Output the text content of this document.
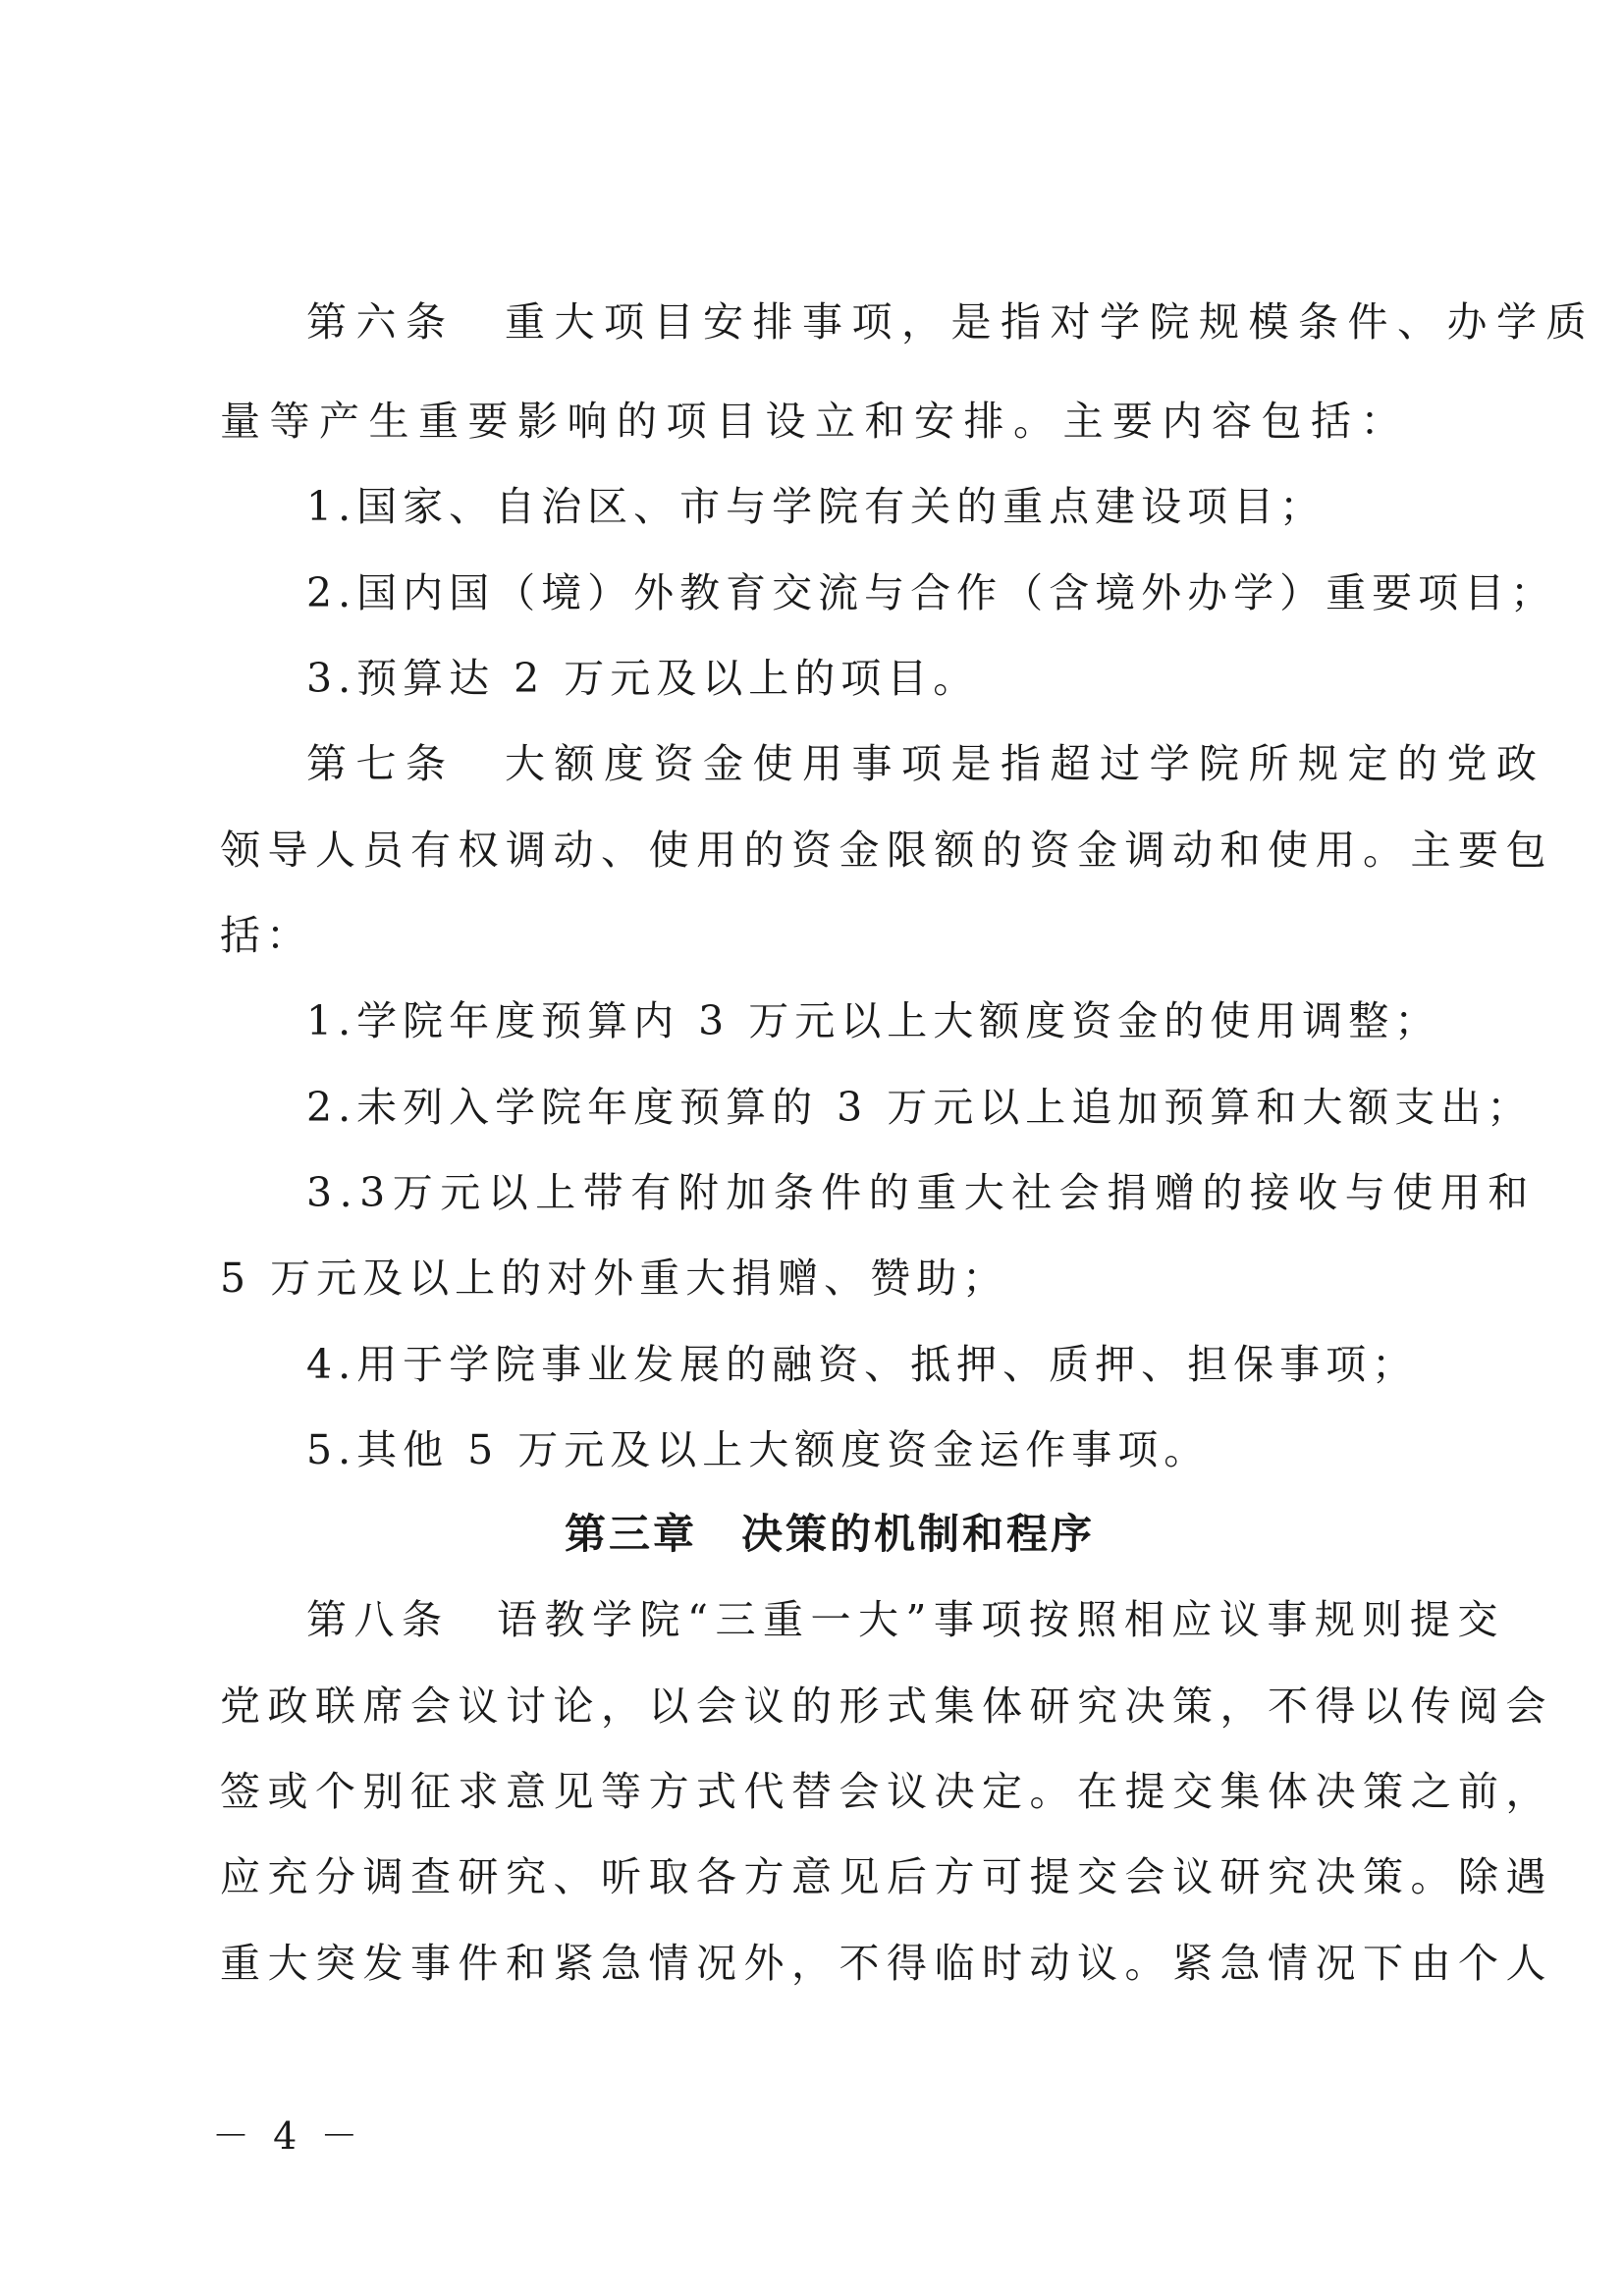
第六条　重大项目安排事项，是指对学院规模条件、办学质
量等产生重要影响的项目设立和安排。主要内容包括：
1.国家、自治区、市与学院有关的重点建设项目；
2.国内国（境）外教育交流与合作（含境外办学）重要项目；
3.预算达 2 万元及以上的项目。
第七条　大额度资金使用事项是指超过学院所规定的党政
领导人员有权调动、使用的资金限额的资金调动和使用。主要包
括：
1.学院年度预算内 3 万元以上大额度资金的使用调整；
2.未列入学院年度预算的 3 万元以上追加预算和大额支出；
3.3万元以上带有附加条件的重大社会捐赠的接收与使用和
5 万元及以上的对外重大捐赠、赞助；
4.用于学院事业发展的融资、抵押、质押、担保事项；
5.其他 5 万元及以上大额度资金运作事项。
第三章　决策的机制和程序
第八条　语教学院“三重一大”事项按照相应议事规则提交
党政联席会议讨论，以会议的形式集体研究决策，不得以传阅会
签或个别征求意见等方式代替会议决定。在提交集体决策之前，
应充分调查研究、听取各方意见后方可提交会议研究决策。除遇
重大突发事件和紧急情况外，不得临时动议。紧急情况下由个人
－ 4 －
